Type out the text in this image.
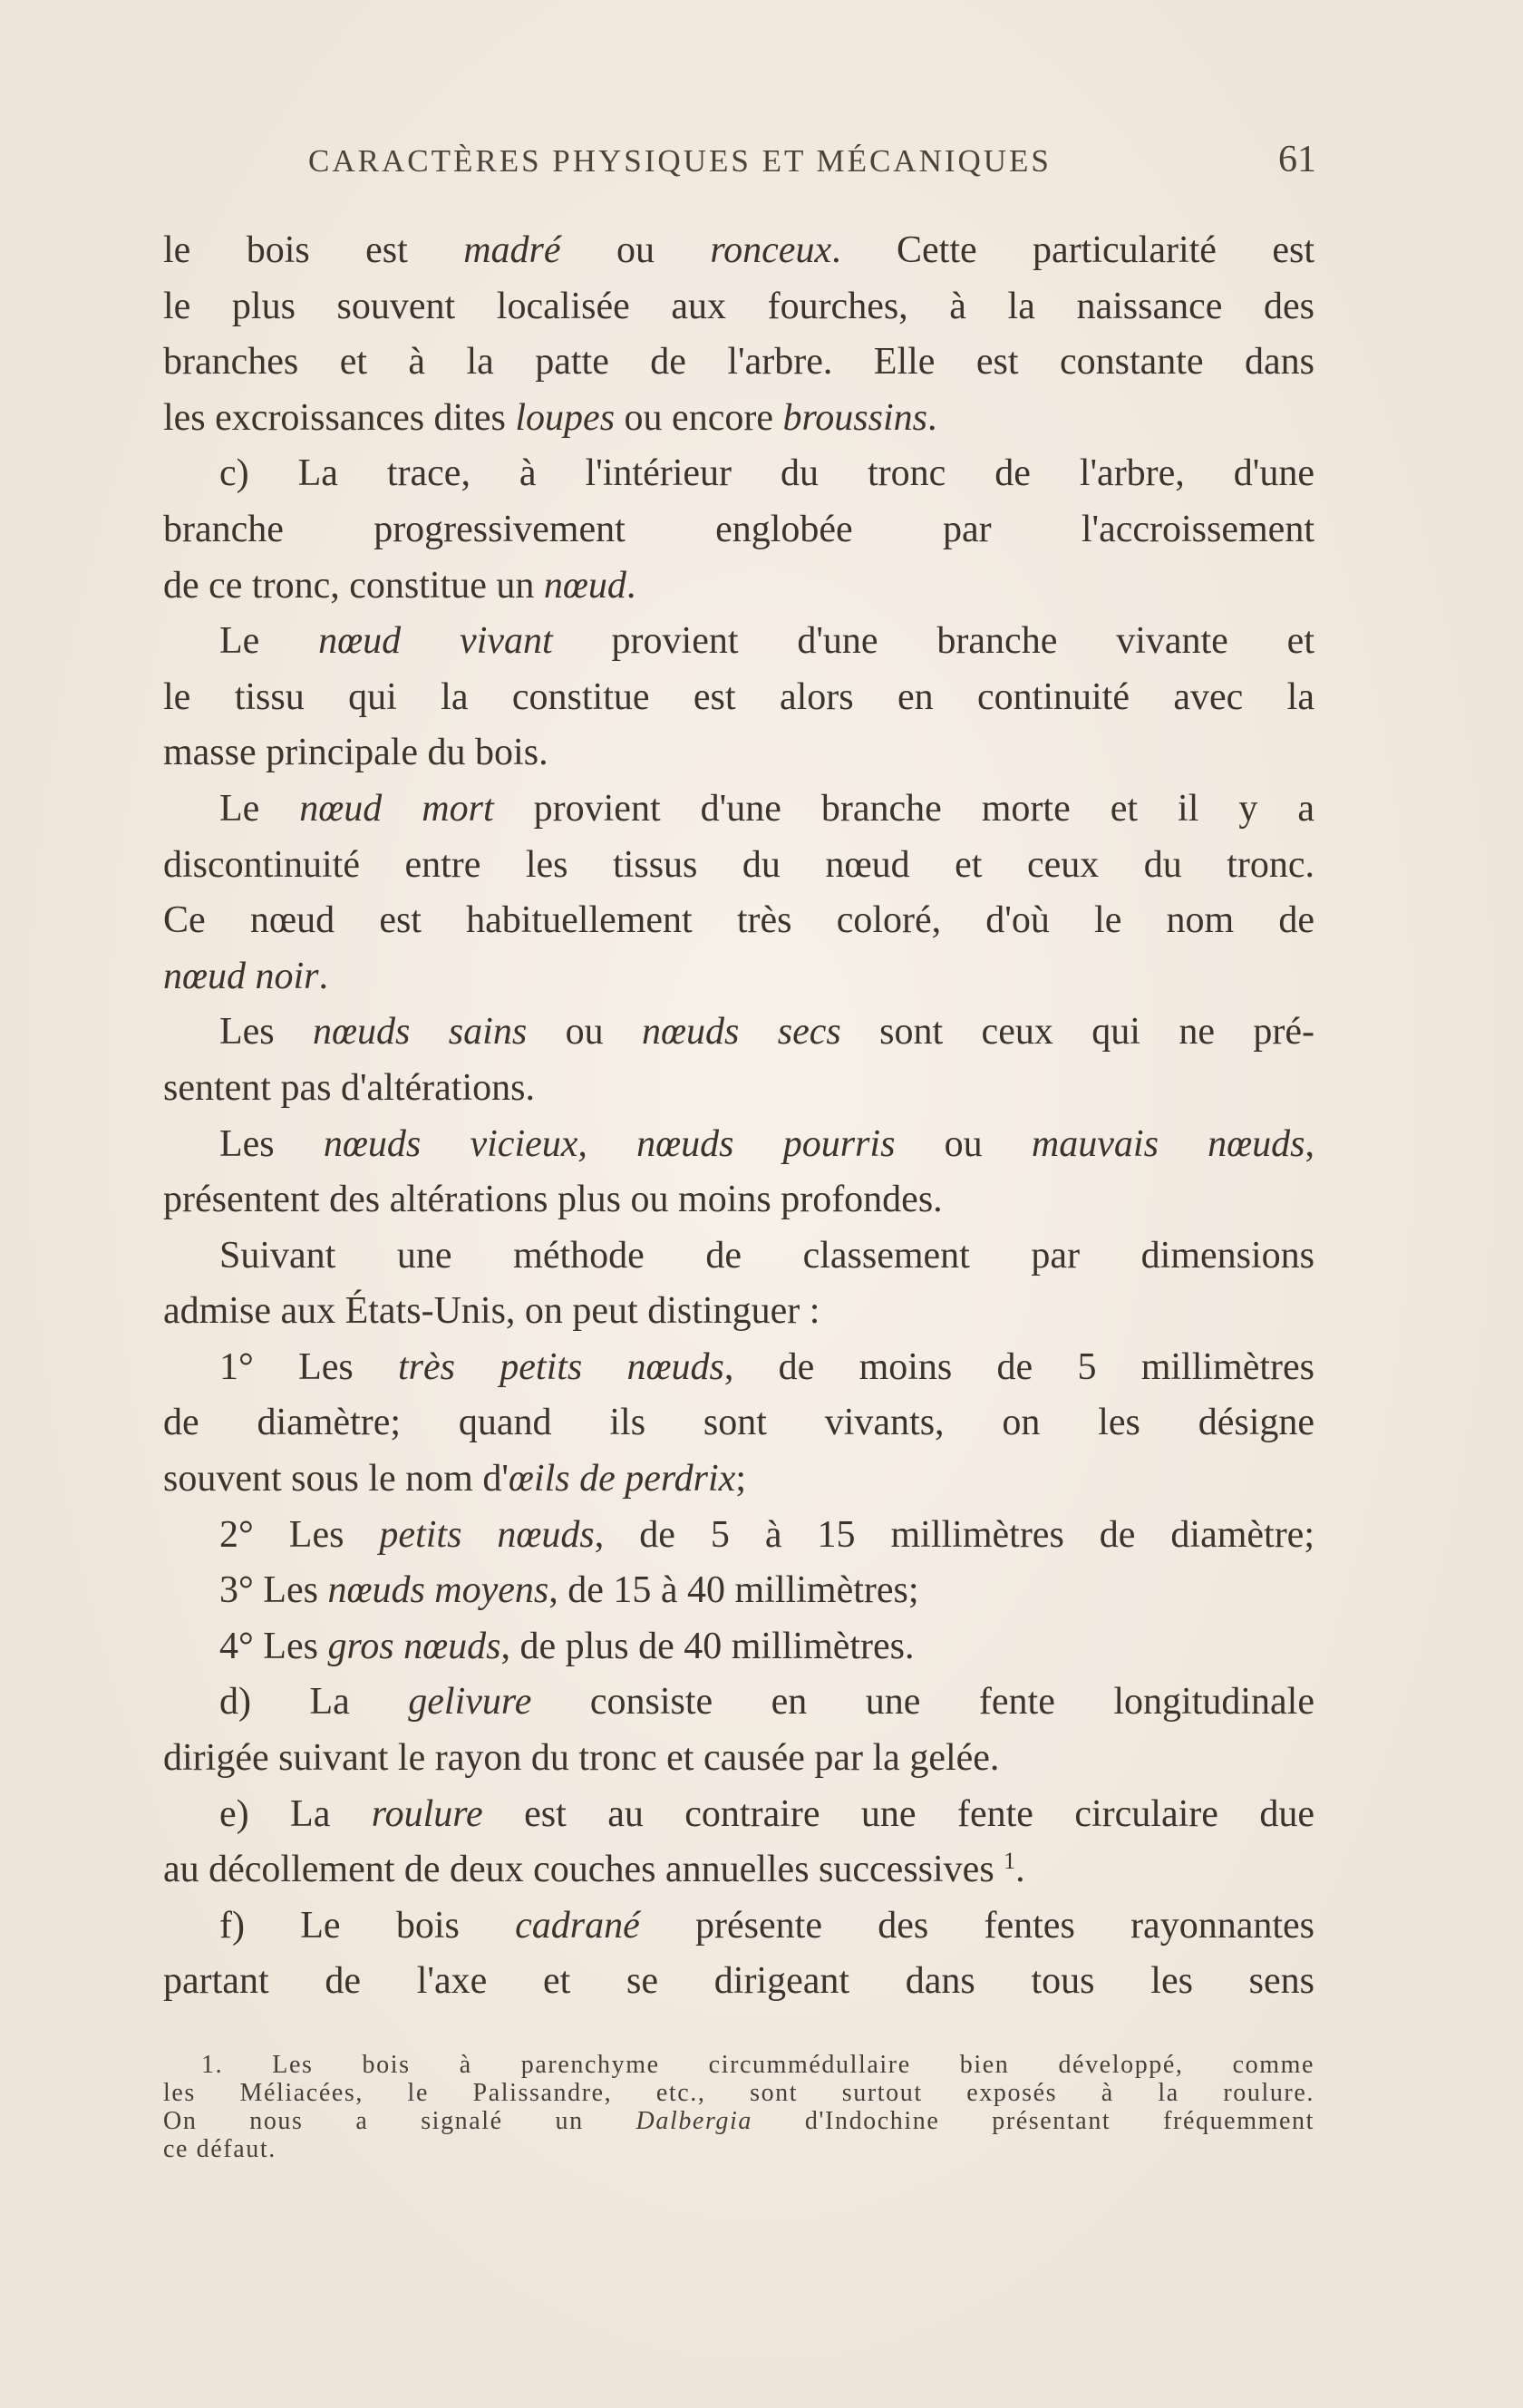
CARACTÈRES PHYSIQUES ET MÉCANIQUES	61
le bois est madré ou ronceux. Cette particularité est
le plus souvent localisée aux fourches, à la naissance des
branches et à la patte de l'arbre. Elle est constante dans
les excroissances dites loupes ou encore broussins.
c) La trace, à l'intérieur du tronc de l'arbre, d'une
branche progressivement englobée par l'accroissement
de ce tronc, constitue un nœud.
Le nœud vivant provient d'une branche vivante et
le tissu qui la constitue est alors en continuité avec la
masse principale du bois.
Le nœud mort provient d'une branche morte et il y a
discontinuité entre les tissus du nœud et ceux du tronc.
Ce nœud est habituellement très coloré, d'où le nom de
nœud noir.
Les nœuds sains ou nœuds secs sont ceux qui ne pré-
sentent pas d'altérations.
Les nœuds vicieux, nœuds pourris ou mauvais nœuds,
présentent des altérations plus ou moins profondes.
Suivant une méthode de classement par dimensions
admise aux États-Unis, on peut distinguer :
1° Les très petits nœuds, de moins de 5 millimètres
de diamètre; quand ils sont vivants, on les désigne
souvent sous le nom d'œils de perdrix;
2° Les petits nœuds, de 5 à 15 millimètres de diamètre;
3° Les nœuds moyens, de 15 à 40 millimètres;
4° Les gros nœuds, de plus de 40 millimètres.
d) La gelivure consiste en une fente longitudinale
dirigée suivant le rayon du tronc et causée par la gelée.
e) La roulure est au contraire une fente circulaire due
au décollement de deux couches annuelles successives $^1$.
f) Le bois cadrané présente des fentes rayonnantes
partant de l'axe et se dirigeant dans tous les sens
1. Les bois à parenchyme circummédullaire bien développé, comme
les Méliacées, le Palissandre, etc., sont surtout exposés à la roulure.
On nous a signalé un Dalbergia d'Indochine présentant fréquemment
ce défaut.
